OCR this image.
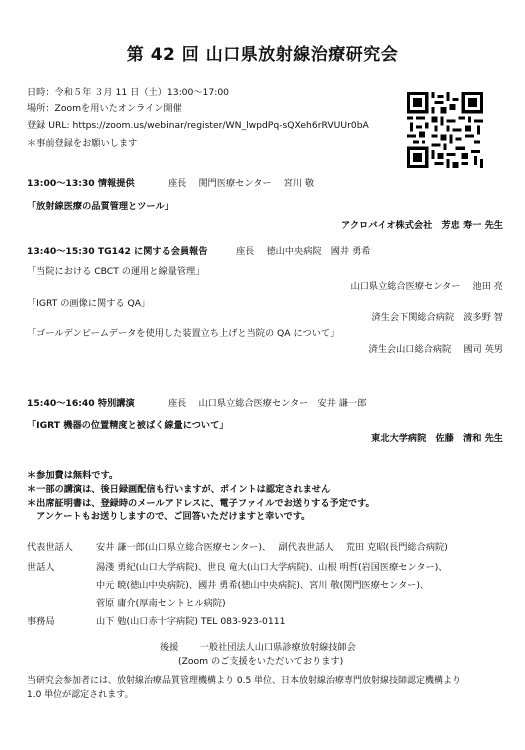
第 42 回 山口県放射線治療研究会
日時：令和５年 ３月 11 日（土）13:00～17:00
場所：Zoomを用いたオンライン開催
登録 URL: https://zoom.us/webinar/register/WN_lwpdPq-sQXeh6rRVUUr0bA
＊事前登録をお願いします
13:00～13:30 情報提供	座長　 関門医療センター　 宮川 敬
「放射線医療の品質管理とツール」
アクロバイオ株式会社　芳忠 寿一 先生
13:40～15:30 TG142 に関する会員報告	座長　 徳山中央病院　國井 勇希
「当院における CBCT の運用と線量管理」
山口県立総合医療センター　 池田 亮
「IGRT の画像に関する QA」
済生会下関総合病院　波多野 智
「ゴールデンビームデータを使用した装置立ち上げと当院の QA について」
済生会山口総合病院　 國司 英男
15:40～16:40 特別講演	座長　 山口県立総合医療センター　安井 謙一郎
「IGRT 機器の位置精度と被ばく線量について」
東北大学病院　佐藤　清和 先生
＊参加費は無料です。
＊一部の講演は、後日録画配信も行いますが、ポイントは認定されません
＊出席証明書は、登録時のメールアドレスに、電子ファイルでお送りする予定です。
　アンケートもお送りしますので、ご回答いただけますと幸いです。
代表世話人	安井 謙一郎(山口県立総合医療センター)、　 副代表世話人　 荒田 克昭(長門総合病院)
世話人	湯淺 勇紀(山口大学病院)、世良 竜大(山口大学病院)、山根 明哲(岩国医療センター)、
中元 暁(徳山中央病院)、國井 勇希(徳山中央病院)、宮川 敬(関門医療センター)、
菅原 庸介(厚南セントヒル病院)
事務局	山下 勉(山口赤十字病院) TEL 083-923-0111
後援　　 一般社団法人山口県診療放射線技師会
(Zoom のご支援をいただいております)
当研究会参加者には、放射線治療品質管理機構より 0.5 単位、日本放射線治療専門放射線技師認定機構より
1.0 単位が認定されます。
